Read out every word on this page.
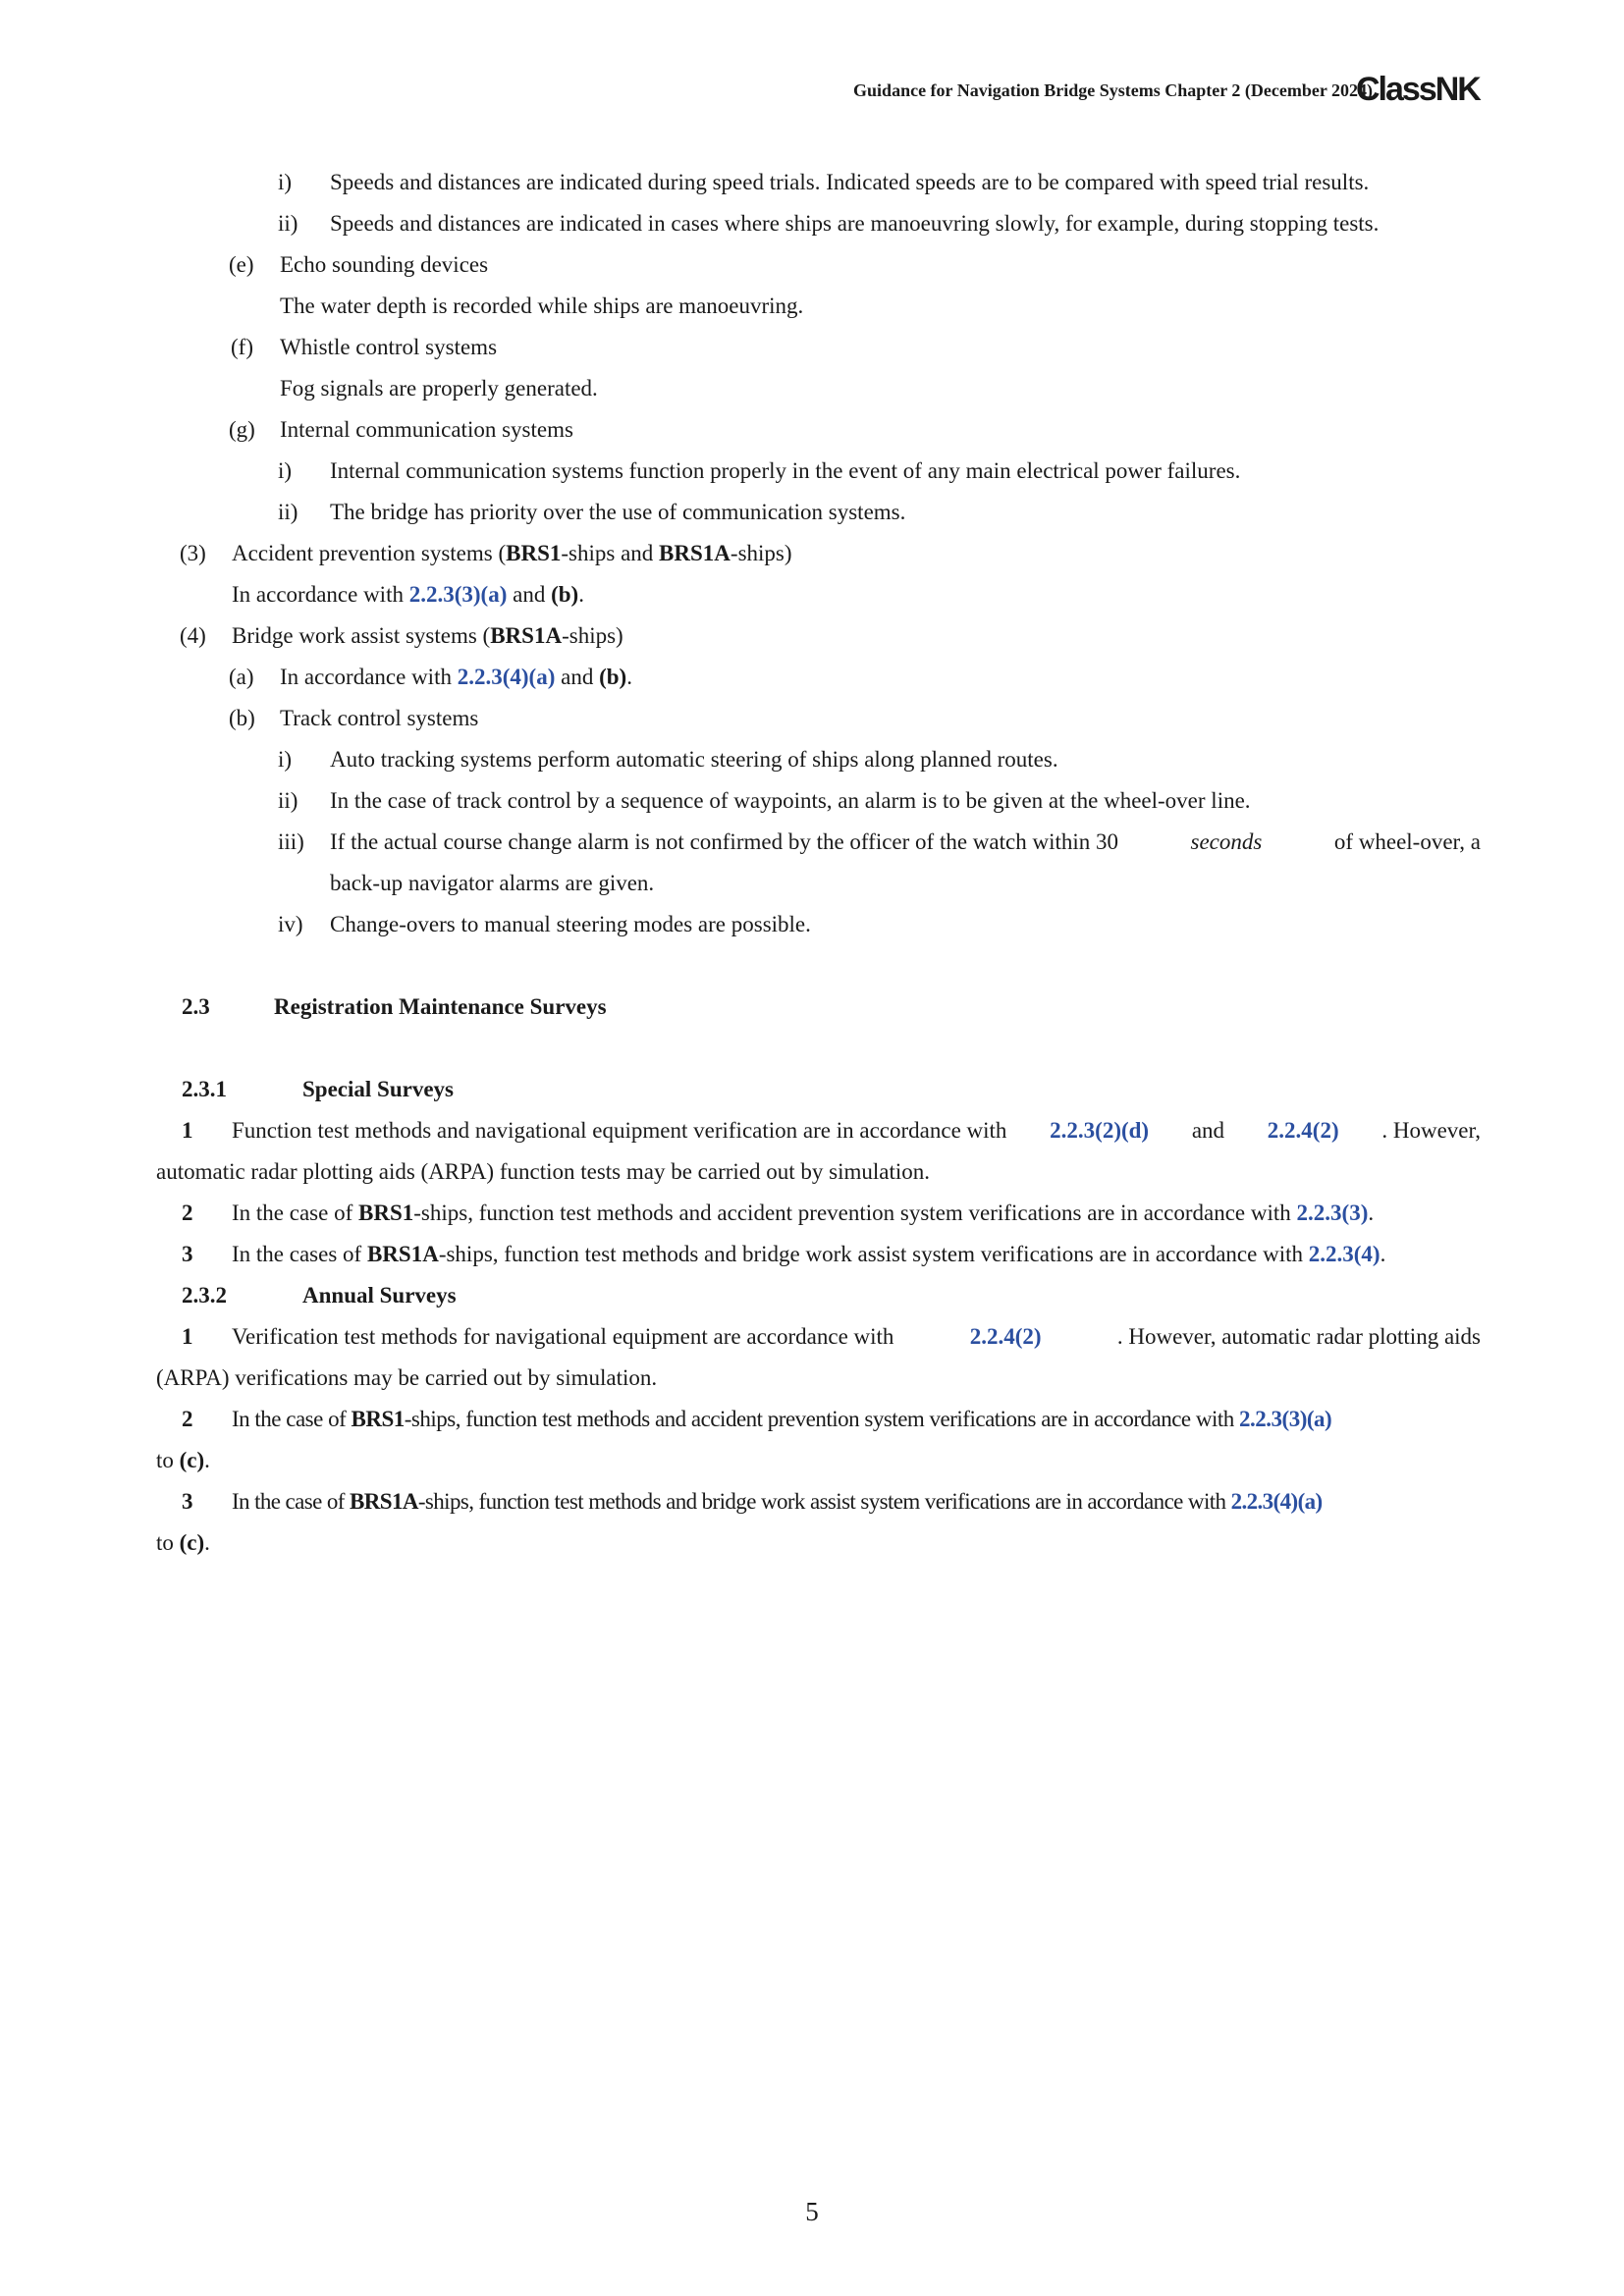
Guidance for Navigation Bridge Systems Chapter 2 (December 2024)
ClassNK
i) Speeds and distances are indicated during speed trials. Indicated speeds are to be compared with speed trial results.
ii) Speeds and distances are indicated in cases where ships are manoeuvring slowly, for example, during stopping tests.
(e) Echo sounding devices
The water depth is recorded while ships are manoeuvring.
(f) Whistle control systems
Fog signals are properly generated.
(g) Internal communication systems
i) Internal communication systems function properly in the event of any main electrical power failures.
ii) The bridge has priority over the use of communication systems.
(3) Accident prevention systems (BRS1-ships and BRS1A-ships)
In accordance with 2.2.3(3)(a) and (b).
(4) Bridge work assist systems (BRS1A-ships)
(a) In accordance with 2.2.3(4)(a) and (b).
(b) Track control systems
i) Auto tracking systems perform automatic steering of ships along planned routes.
ii) In the case of track control by a sequence of waypoints, an alarm is to be given at the wheel-over line.
iii) If the actual course change alarm is not confirmed by the officer of the watch within 30	seconds	of wheel-over, a
back-up navigator alarms are given.
iv) Change-overs to manual steering modes are possible.
2.3	Registration Maintenance Surveys
2.3.1	Special Surveys
1 Function test methods and navigational equipment verification are in accordance with 2.2.3(2)(d) and 2.2.4(2) . However,
automatic radar plotting aids (ARPA) function tests may be carried out by simulation.
2 In the case of BRS1-ships, function test methods and accident prevention system verifications are in accordance with 2.2.3(3).
3 In the cases of BRS1A-ships, function test methods and bridge work assist system verifications are in accordance with 2.2.3(4).
2.3.2	Annual Surveys
1 Verification test methods for navigational equipment are accordance with	2.2.4(2)	. However, automatic radar plotting aids
(ARPA) verifications may be carried out by simulation.
2 In the case of BRS1-ships, function test methods and accident prevention system verifications are in accordance with 2.2.3(3)(a)
to (c).
3 In the case of BRS1A-ships, function test methods and bridge work assist system verifications are in accordance with 2.2.3(4)(a)
to (c).
5
